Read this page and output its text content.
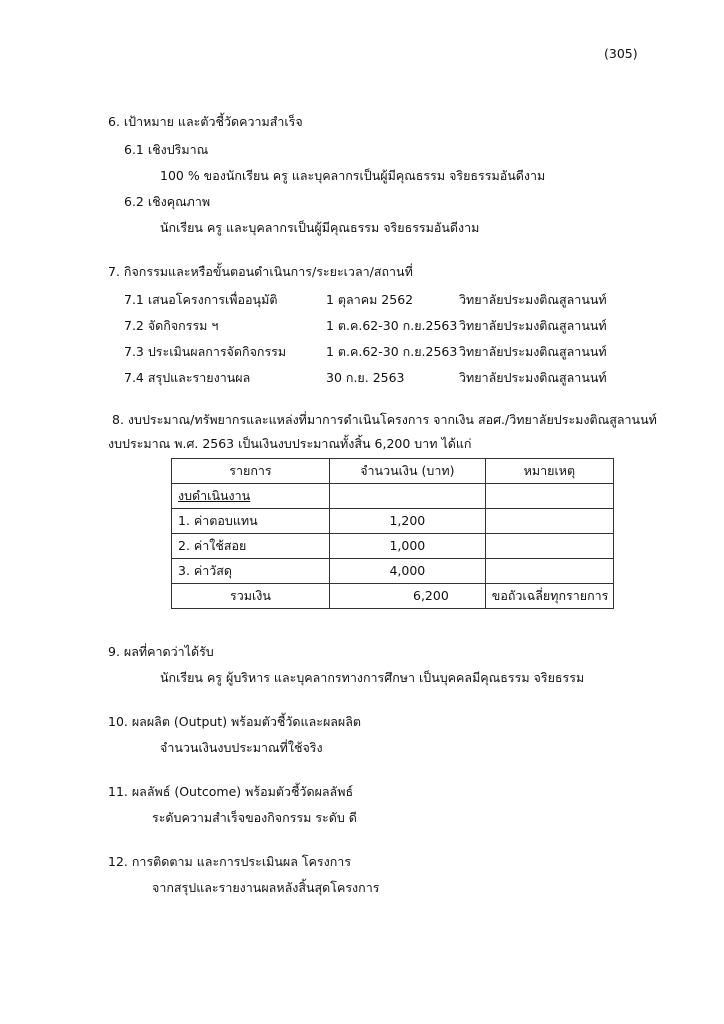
(305)
6. เป้าหมาย และตัวชี้วัดความสำเร็จ
6.1 เชิงปริมาณ
100 % ของนักเรียน ครู และบุคลากรเป็นผู้มีคุณธรรม จริยธรรมอันดีงาม
6.2 เชิงคุณภาพ
นักเรียน ครู และบุคลากรเป็นผู้มีคุณธรรม จริยธรรมอันดีงาม
7. กิจกรรมและหรือขั้นตอนดำเนินการ/ระยะเวลา/สถานที่
7.1 เสนอโครงการเพื่ออนุมัติ	1 ตุลาคม 2562	วิทยาลัยประมงติณสูลานนท์
7.2 จัดกิจกรรม ฯ	1 ต.ค.62-30 ก.ย.2563 วิทยาลัยประมงติณสูลานนท์
7.3 ประเมินผลการจัดกิจกรรม	1 ต.ค.62-30 ก.ย.2563 วิทยาลัยประมงติณสูลานนท์
7.4 สรุปและรายงานผล	30 ก.ย. 2563	วิทยาลัยประมงติณสูลานนท์
8. งบประมาณ/ทรัพยากรและแหล่งที่มาการดำเนินโครงการ จากเงิน สอศ./วิทยาลัยประมงติณสูลานนท์
งบประมาณ พ.ศ. 2563 เป็นเงินงบประมาณทั้งสิ้น 6,200 บาท ได้แก่
รายการ	จำนวนเงิน (บาท)	หมายเหตุ
งบดำเนินงาน		
1. ค่าตอบแทน	1,200	
2. ค่าใช้สอย	1,000	
3. ค่าวัสดุ	4,000	
รวมเงิน	6,200	ขอถัวเฉลี่ยทุกรายการ
9. ผลที่คาดว่าได้รับ
นักเรียน ครู ผู้บริหาร และบุคลากรทางการศึกษา เป็นบุคคลมีคุณธรรม จริยธรรม
10. ผลผลิต (Output) พร้อมตัวชี้วัดและผลผลิต
จำนวนเงินงบประมาณที่ใช้จริง
11. ผลลัพธ์ (Outcome) พร้อมตัวชี้วัดผลลัพธ์
ระดับความสำเร็จของกิจกรรม ระดับ ดี
12. การติดตาม และการประเมินผล โครงการ
จากสรุปและรายงานผลหลังสิ้นสุดโครงการ
